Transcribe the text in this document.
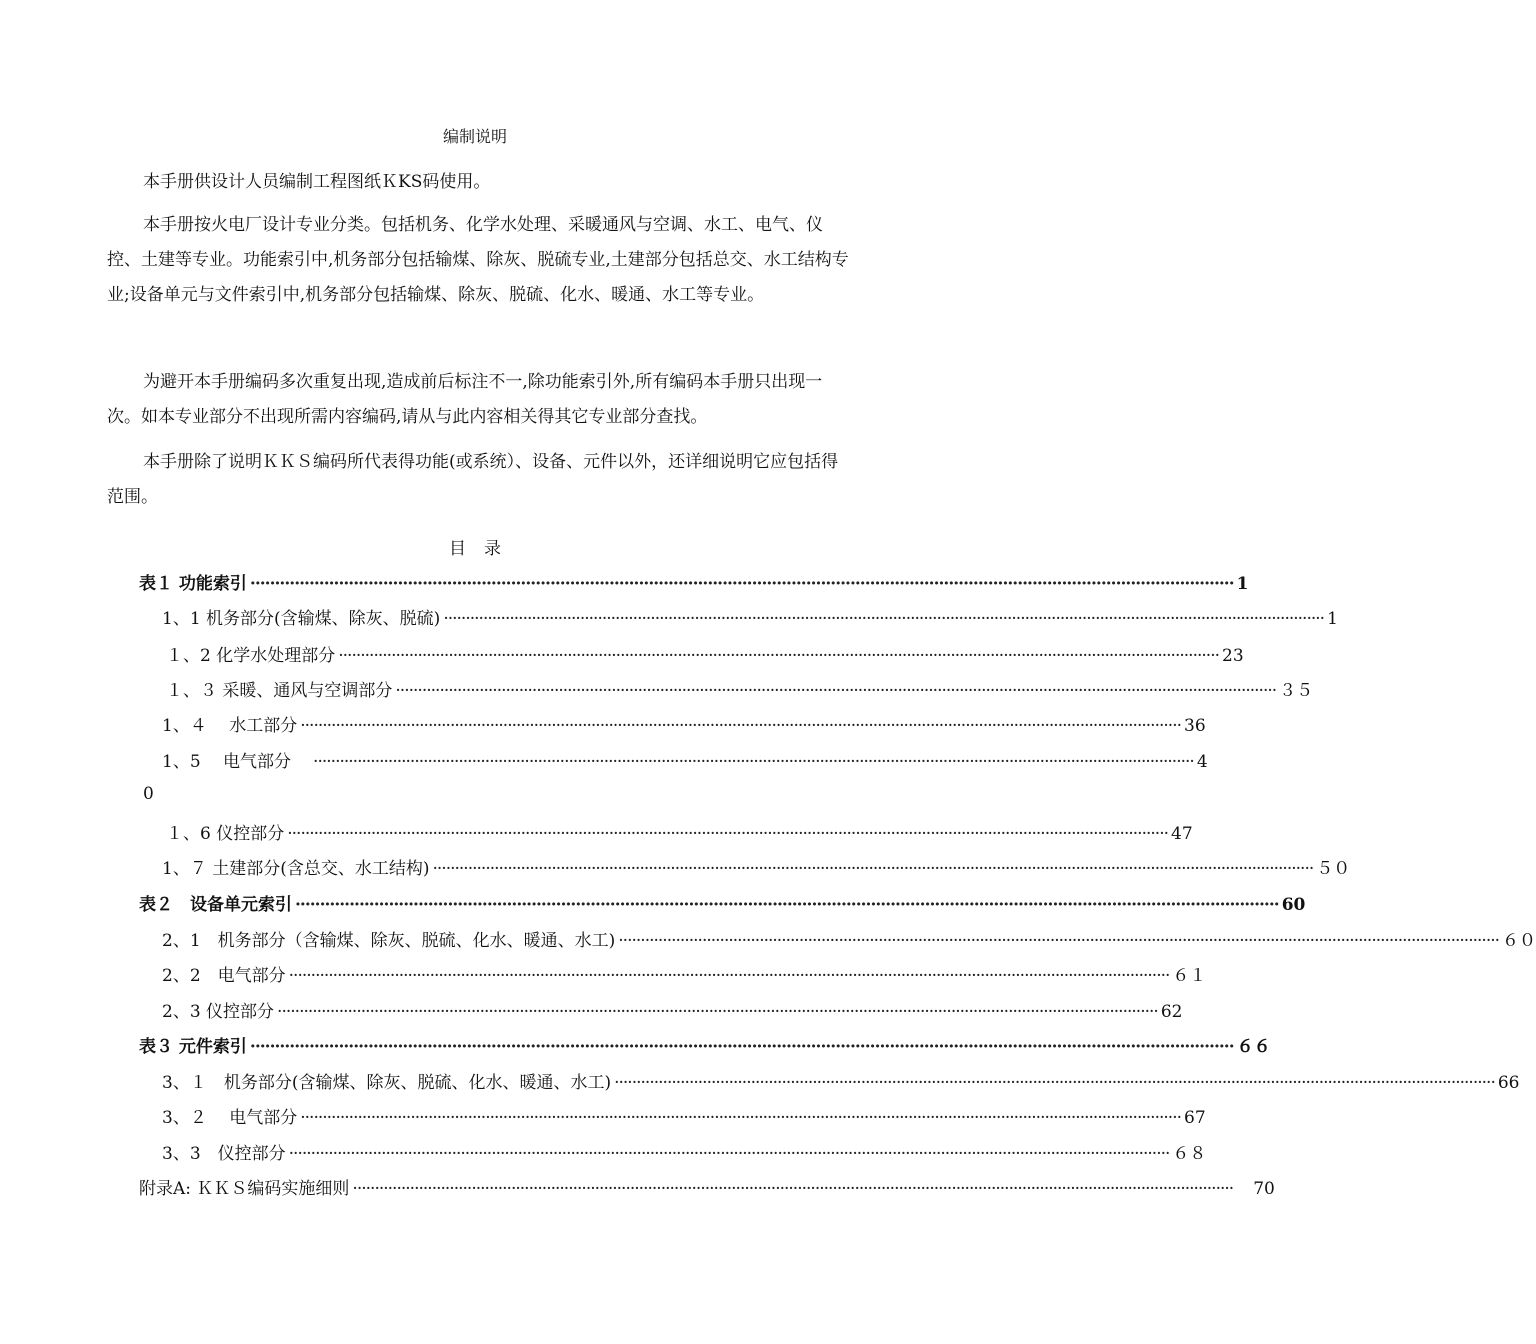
编制说明
本手册供设计人员编制工程图纸ＫKS码使用。
本手册按火电厂设计专业分类。包括机务、化学水处理、采暖通风与空调、水工、电气、仪控、土建等专业。功能索引中,机务部分包括输煤、除灰、脱硫专业,土建部分包括总交、水工结构专业;设备单元与文件索引中,机务部分包括输煤、除灰、脱硫、化水、暖通、水工等专业。
为避开本手册编码多次重复出现,造成前后标注不一,除功能索引外,所有编码本手册只出现一次。如本专业部分不出现所需内容编码,请从与此内容相关得其它专业部分查找。
本手册除了说明ＫＫＳ编码所代表得功能(或系统）、设备、元件以外，还详细说明它应包括得范围。
目录
表１ 功能索引 ········································································································································································································ 1
1、1 机务部分(含输煤、除灰、脱硫) ········································································································································································································ 1
１、2 化学水处理部分 ········································································································································································································ 23
１、３ 采暖、通风与空调部分 ········································································································································································································ ３５
1、４　 水工部分 ········································································································································································································ 36
1、5　 电气部分 ········································································································································································································ 4
0
１、6 仪控部分 ········································································································································································································ 47
1、７ 土建部分(含总交、水工结构) ········································································································································································································ ５０
表２　设备单元索引 ········································································································································································································ 60
2、1　机务部分（含输煤、除灰、脱硫、化水、暖通、水工) ········································································································································································································ ６０
2、2　电气部分 ········································································································································································································ ６１
2、3 仪控部分 ········································································································································································································ 62
表３ 元件索引 ········································································································································································································ ６６
3、１　机务部分(含输煤、除灰、脱硫、化水、暖通、水工) ········································································································································································································ 66
3、２　 电气部分 ········································································································································································································ 67
3、3　仪控部分 ········································································································································································································ ６８
附录A: ＫＫＳ编码实施细则 ········································································································································································································ 70
